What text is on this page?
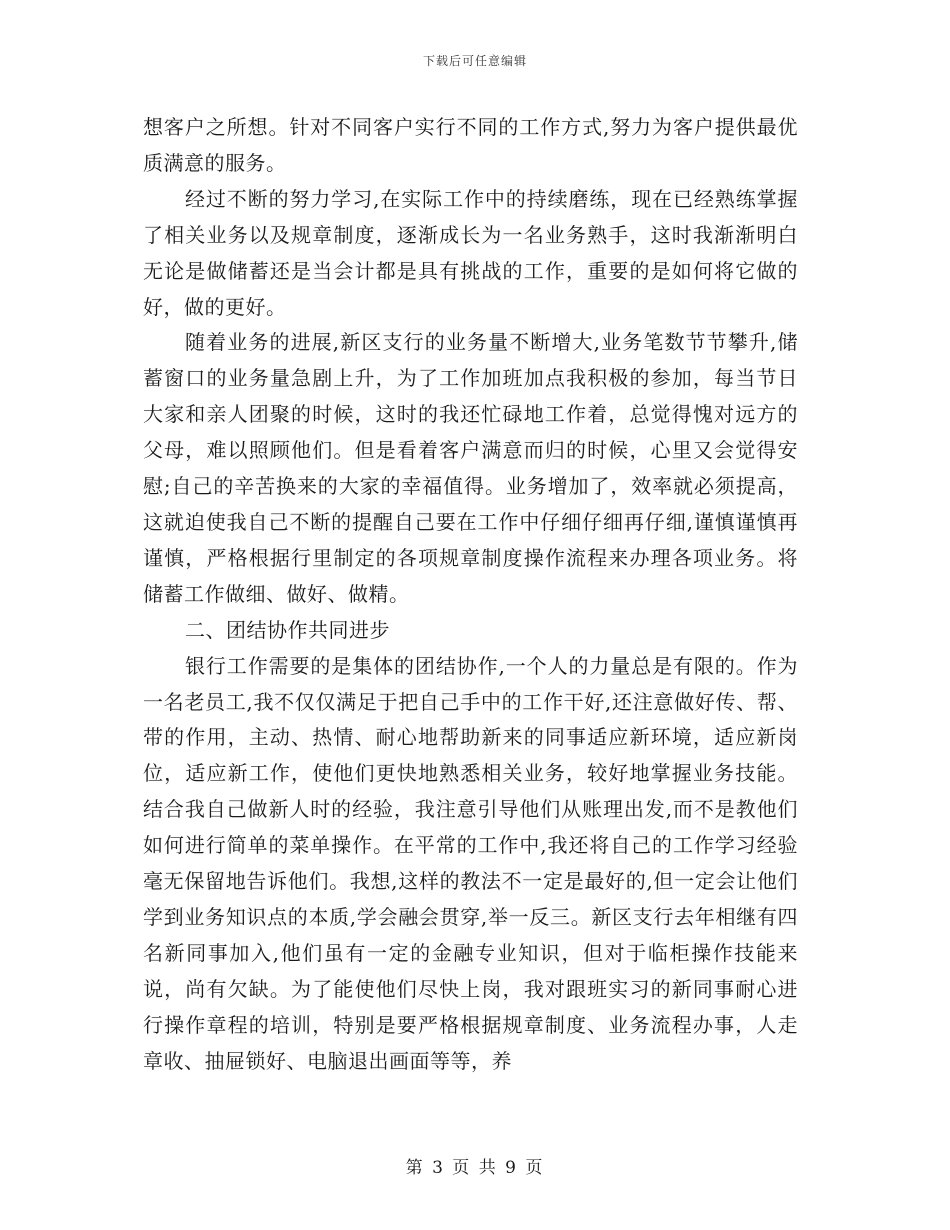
下载后可任意编辑

想客户之所想。针对不同客户实行不同的工作方式,努力为客户提供最优质满意的服务。

经过不断的努力学习,在实际工作中的持续磨练，现在已经熟练掌握了相关业务以及规章制度，逐渐成长为一名业务熟手，这时我渐渐明白无论是做储蓄还是当会计都是具有挑战的工作，重要的是如何将它做的好，做的更好。

随着业务的进展,新区支行的业务量不断增大,业务笔数节节攀升,储蓄窗口的业务量急剧上升，为了工作加班加点我积极的参加，每当节日大家和亲人团聚的时候，这时的我还忙碌地工作着，总觉得愧对远方的父母，难以照顾他们。但是看着客户满意而归的时候，心里又会觉得安慰;自己的辛苦换来的大家的幸福值得。业务增加了，效率就必须提高，这就迫使我自己不断的提醒自己要在工作中仔细仔细再仔细,谨慎谨慎再谨慎，严格根据行里制定的各项规章制度操作流程来办理各项业务。将储蓄工作做细、做好、做精。

二、团结协作共同进步

银行工作需要的是集体的团结协作,一个人的力量总是有限的。作为一名老员工,我不仅仅满足于把自己手中的工作干好,还注意做好传、帮、带的作用，主动、热情、耐心地帮助新来的同事适应新环境，适应新岗位，适应新工作，使他们更快地熟悉相关业务，较好地掌握业务技能。结合我自己做新人时的经验，我注意引导他们从账理出发,而不是教他们如何进行简单的菜单操作。在平常的工作中,我还将自己的工作学习经验毫无保留地告诉他们。我想,这样的教法不一定是最好的,但一定会让他们学到业务知识点的本质,学会融会贯穿,举一反三。新区支行去年相继有四名新同事加入,他们虽有一定的金融专业知识，但对于临柜操作技能来说，尚有欠缺。为了能使他们尽快上岗，我对跟班实习的新同事耐心进行操作章程的培训，特别是要严格根据规章制度、业务流程办事，人走章收、抽屉锁好、电脑退出画面等等，养

第 3 页 共 9 页
